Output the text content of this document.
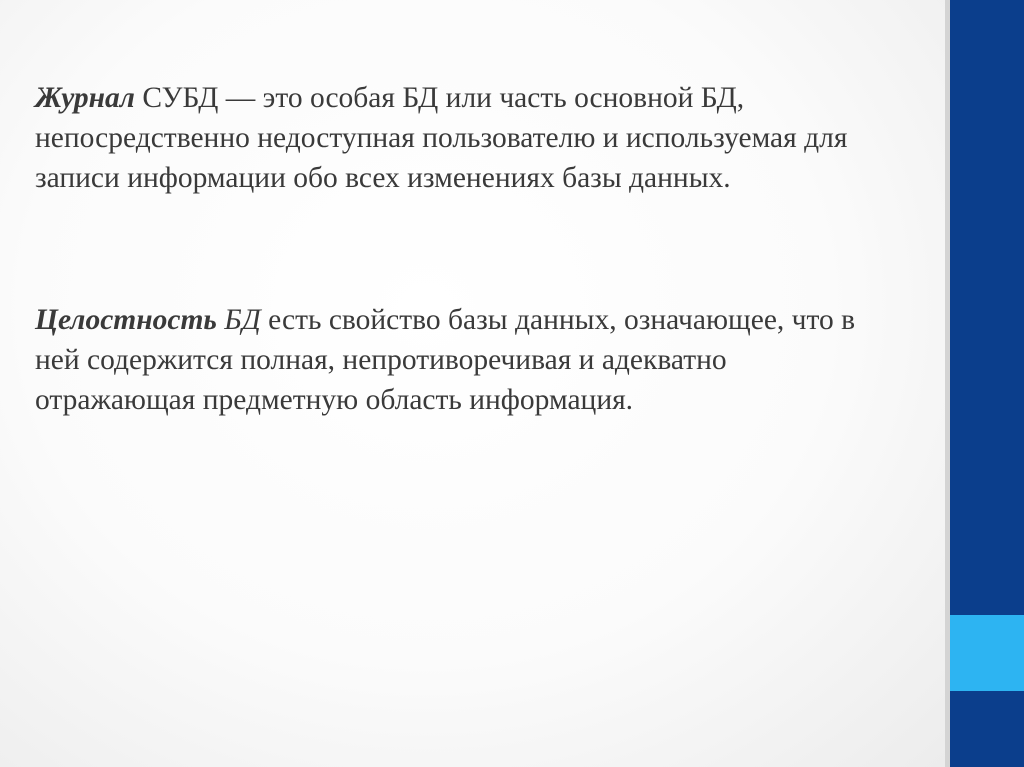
Журнал СУБД — это особая БД или часть основной БД, непосредственно недоступная пользователю и используемая для записи информации обо всех изменениях базы данных.

Целостность БД есть свойство базы данных, означающее, что в ней содержится полная, непротиворечивая и адекватно отражающая предметную область информация.
